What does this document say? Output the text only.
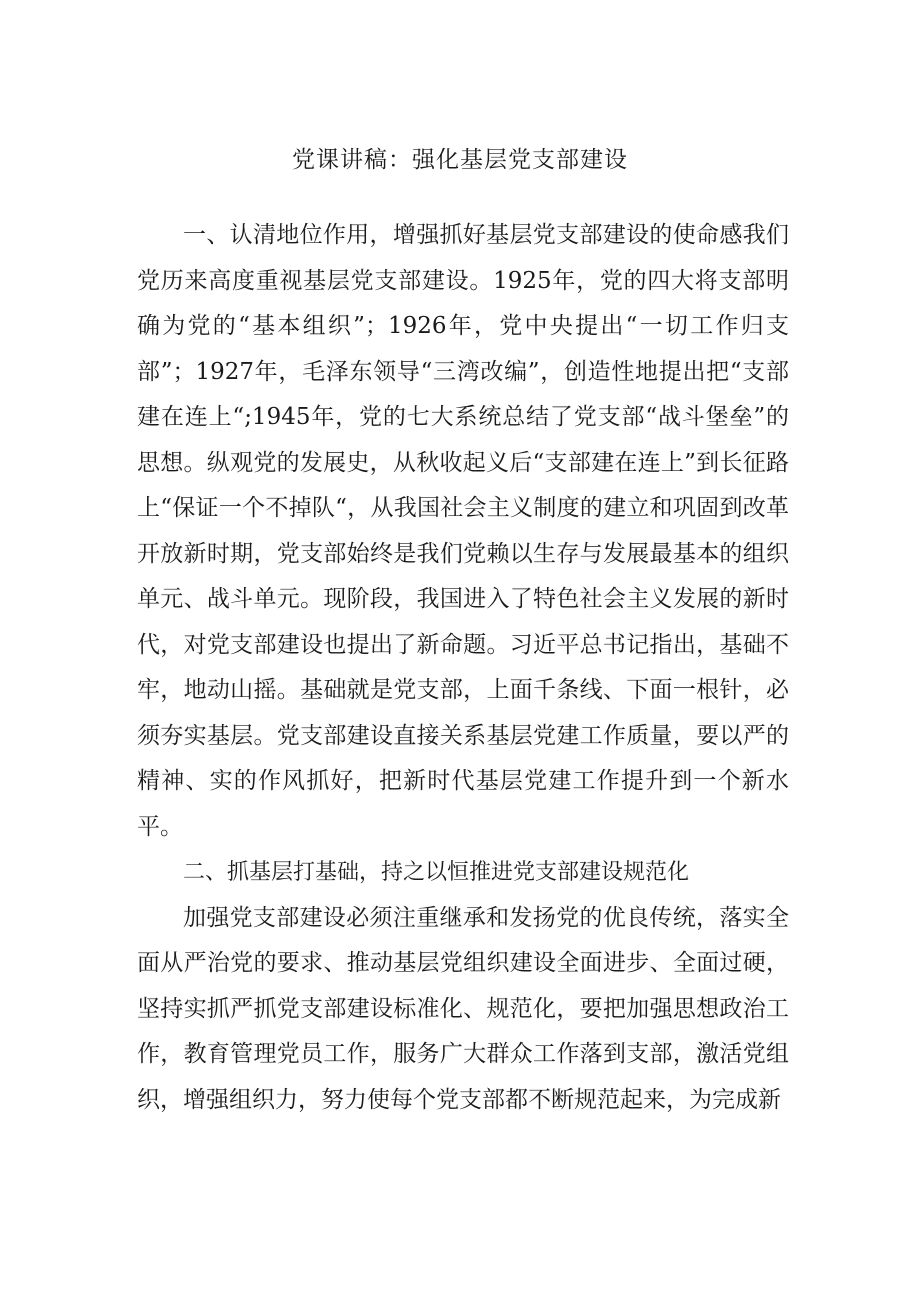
党课讲稿：强化基层党支部建设

一、认清地位作用，增强抓好基层党支部建设的使命感我们党历来高度重视基层党支部建设。1925年，党的四大将支部明确为党的“基本组织”；1926年，党中央提出“一切工作归支部”；1927年，毛泽东领导“三湾改编”，创造性地提出把“支部建在连上“;1945年，党的七大系统总结了党支部“战斗堡垒”的思想。纵观党的发展史，从秋收起义后“支部建在连上”到长征路上“保证一个不掉队“，从我国社会主义制度的建立和巩固到改革开放新时期，党支部始终是我们党赖以生存与发展最基本的组织单元、战斗单元。现阶段，我国进入了特色社会主义发展的新时代，对党支部建设也提出了新命题。习近平总书记指出，基础不牢，地动山摇。基础就是党支部，上面千条线、下面一根针，必须夯实基层。党支部建设直接关系基层党建工作质量，要以严的精神、实的作风抓好，把新时代基层党建工作提升到一个新水平。

二、抓基层打基础，持之以恒推进党支部建设规范化

加强党支部建设必须注重继承和发扬党的优良传统，落实全面从严治党的要求、推动基层党组织建设全面进步、全面过硬，坚持实抓严抓党支部建设标准化、规范化，要把加强思想政治工作，教育管理党员工作，服务广大群众工作落到支部，激活党组织，增强组织力，努力使每个党支部都不断规范起来，为完成新
